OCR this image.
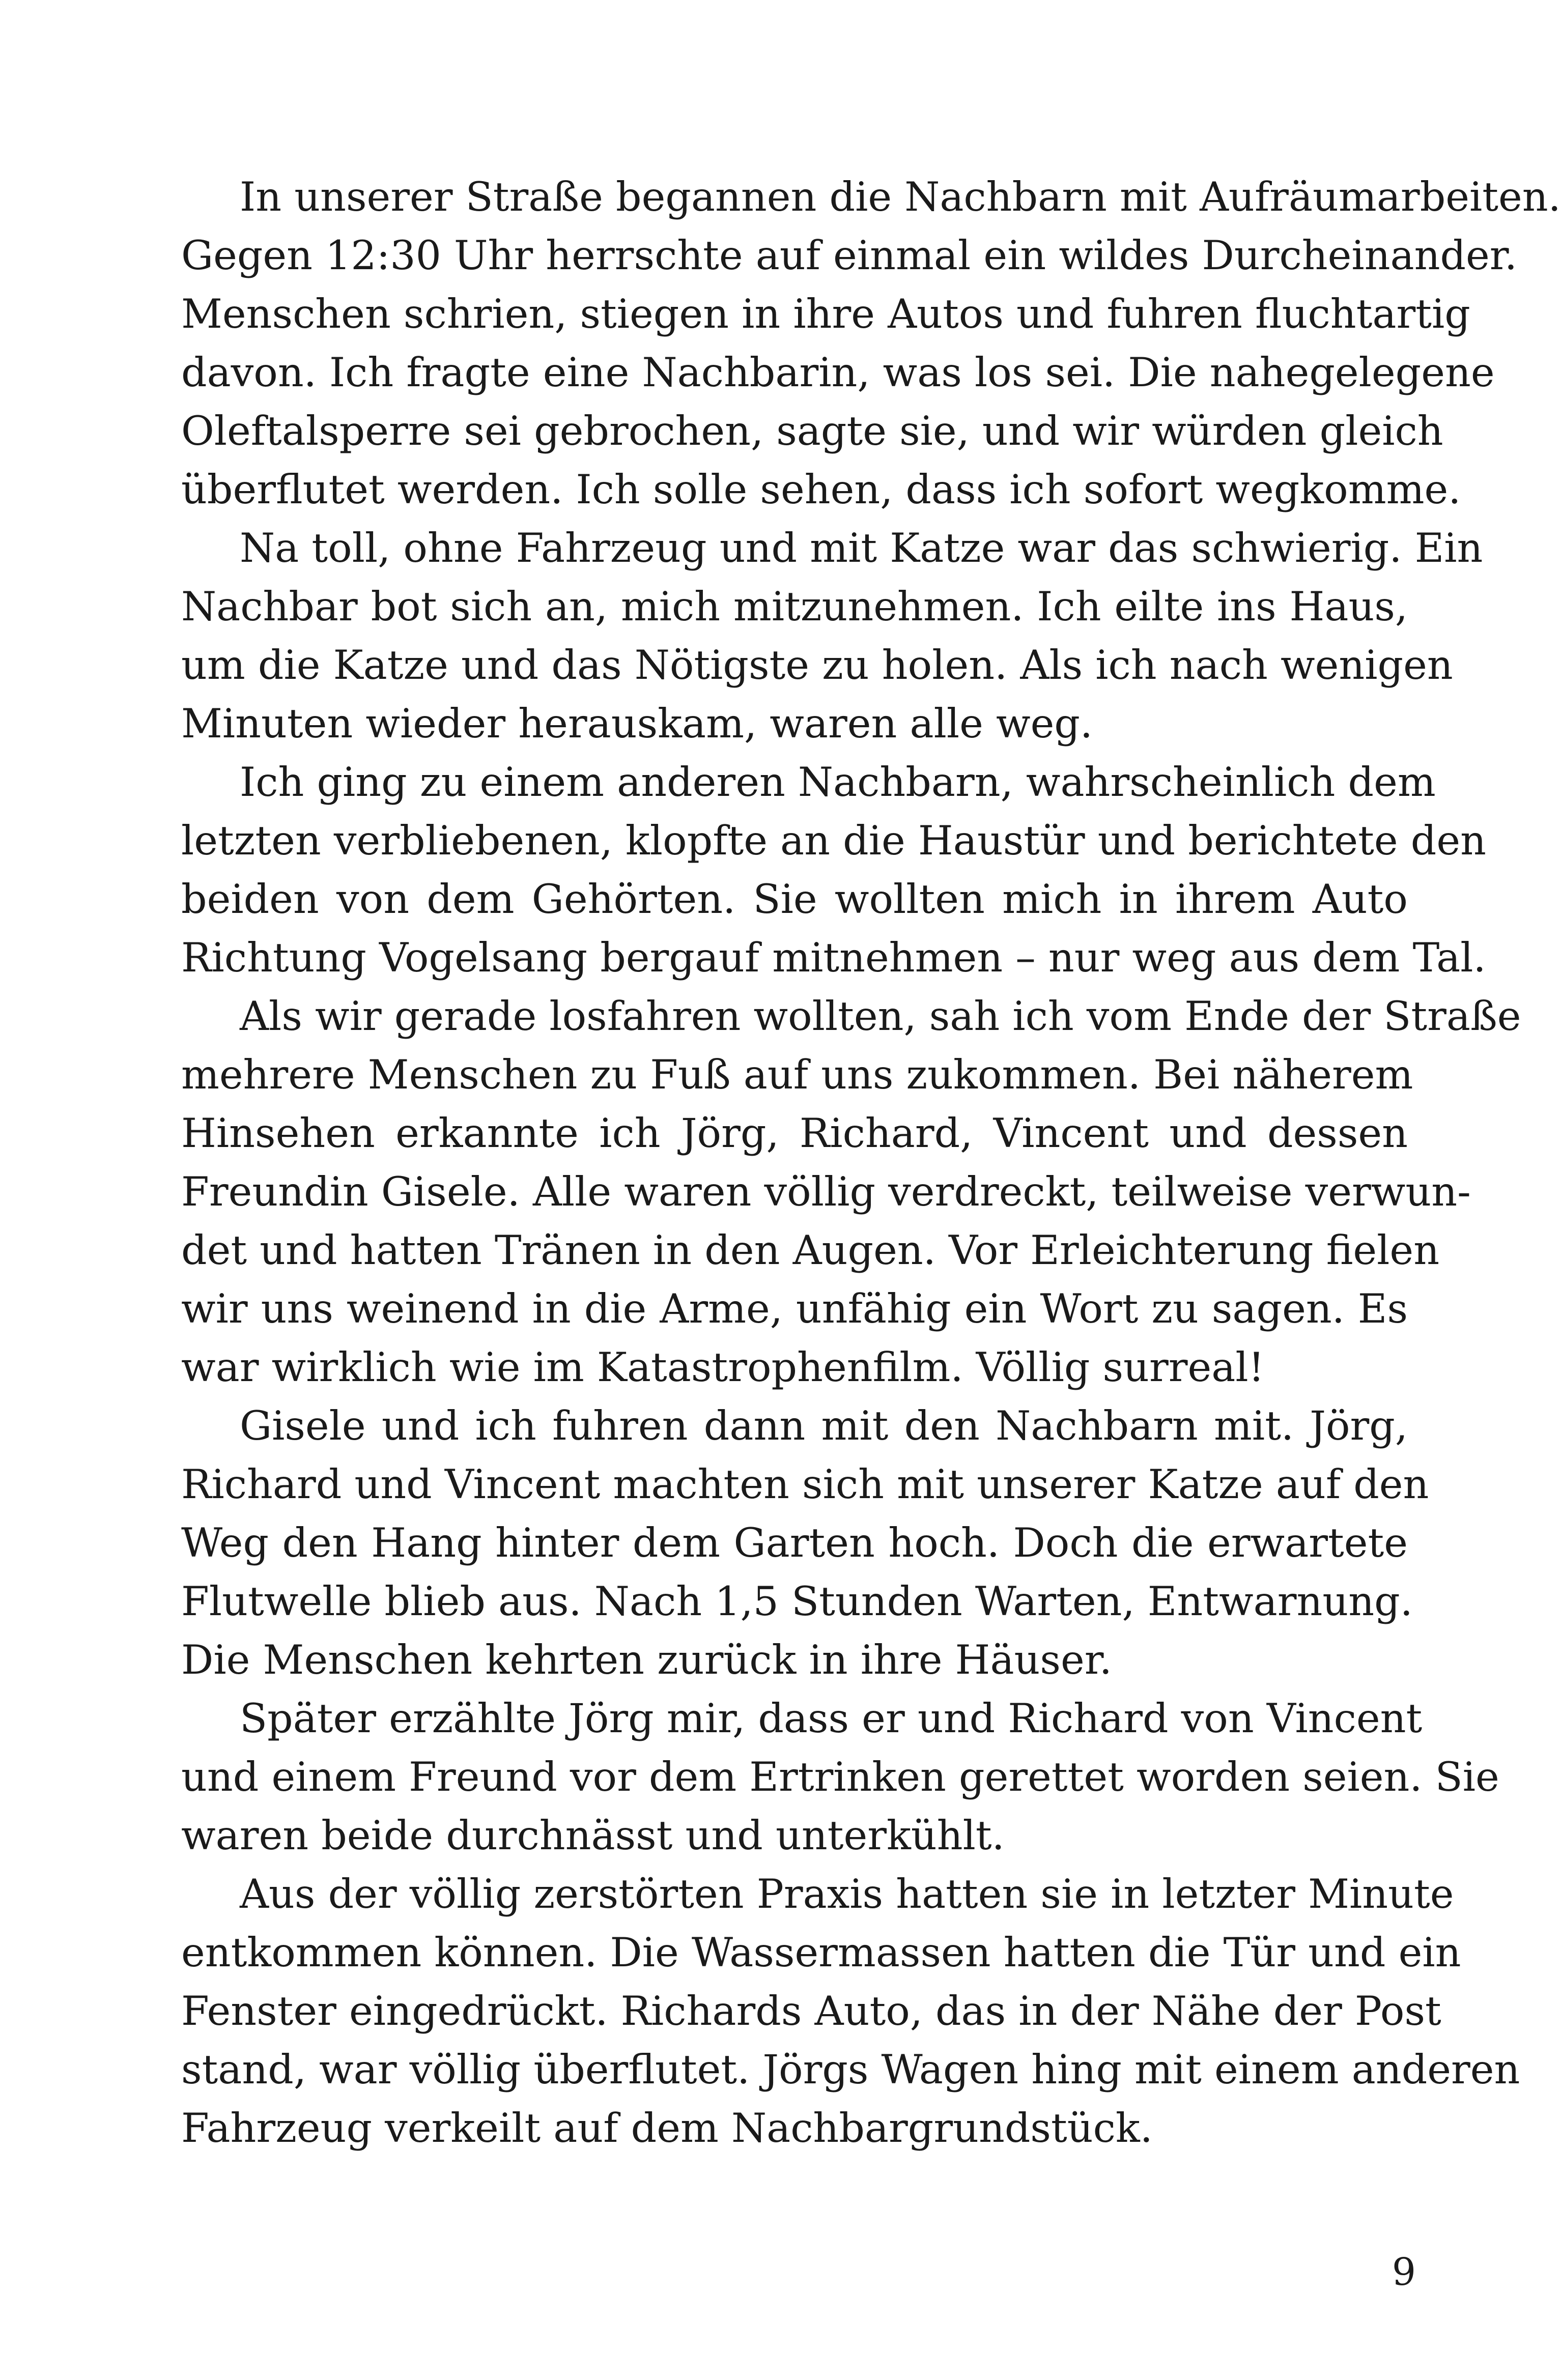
In unserer Straße begannen die Nachbarn mit Aufräumarbeiten.
Gegen 12:30 Uhr herrschte auf einmal ein wildes Durcheinander.
Menschen schrien, stiegen in ihre Autos und fuhren fluchtartig
davon. Ich fragte eine Nachbarin, was los sei. Die nahegelegene
Oleftalsperre sei gebrochen, sagte sie, und wir würden gleich
überflutet werden. Ich solle sehen, dass ich sofort wegkomme.
Na toll, ohne Fahrzeug und mit Katze war das schwierig. Ein
Nachbar bot sich an, mich mitzunehmen. Ich eilte ins Haus,
um die Katze und das Nötigste zu holen. Als ich nach wenigen
Minuten wieder herauskam, waren alle weg.
Ich ging zu einem anderen Nachbarn, wahrscheinlich dem
letzten verbliebenen, klopfte an die Haustür und berichtete den
beiden von dem Gehörten. Sie wollten mich in ihrem Auto
Richtung Vogelsang bergauf mitnehmen – nur weg aus dem Tal.
Als wir gerade losfahren wollten, sah ich vom Ende der Straße
mehrere Menschen zu Fuß auf uns zukommen. Bei näherem
Hinsehen erkannte ich Jörg, Richard, Vincent und dessen
Freundin Gisele. Alle waren völlig verdreckt, teilweise verwun-
det und hatten Tränen in den Augen. Vor Erleichterung fielen
wir uns weinend in die Arme, unfähig ein Wort zu sagen. Es
war wirklich wie im Katastrophenfilm. Völlig surreal!
Gisele und ich fuhren dann mit den Nachbarn mit. Jörg,
Richard und Vincent machten sich mit unserer Katze auf den
Weg den Hang hinter dem Garten hoch. Doch die erwartete
Flutwelle blieb aus. Nach 1,5 Stunden Warten, Entwarnung.
Die Menschen kehrten zurück in ihre Häuser.
Später erzählte Jörg mir, dass er und Richard von Vincent
und einem Freund vor dem Ertrinken gerettet worden seien. Sie
waren beide durchnässt und unterkühlt.
Aus der völlig zerstörten Praxis hatten sie in letzter Minute
entkommen können. Die Wassermassen hatten die Tür und ein
Fenster eingedrückt. Richards Auto, das in der Nähe der Post
stand, war völlig überflutet. Jörgs Wagen hing mit einem anderen
Fahrzeug verkeilt auf dem Nachbargrundstück.
9
